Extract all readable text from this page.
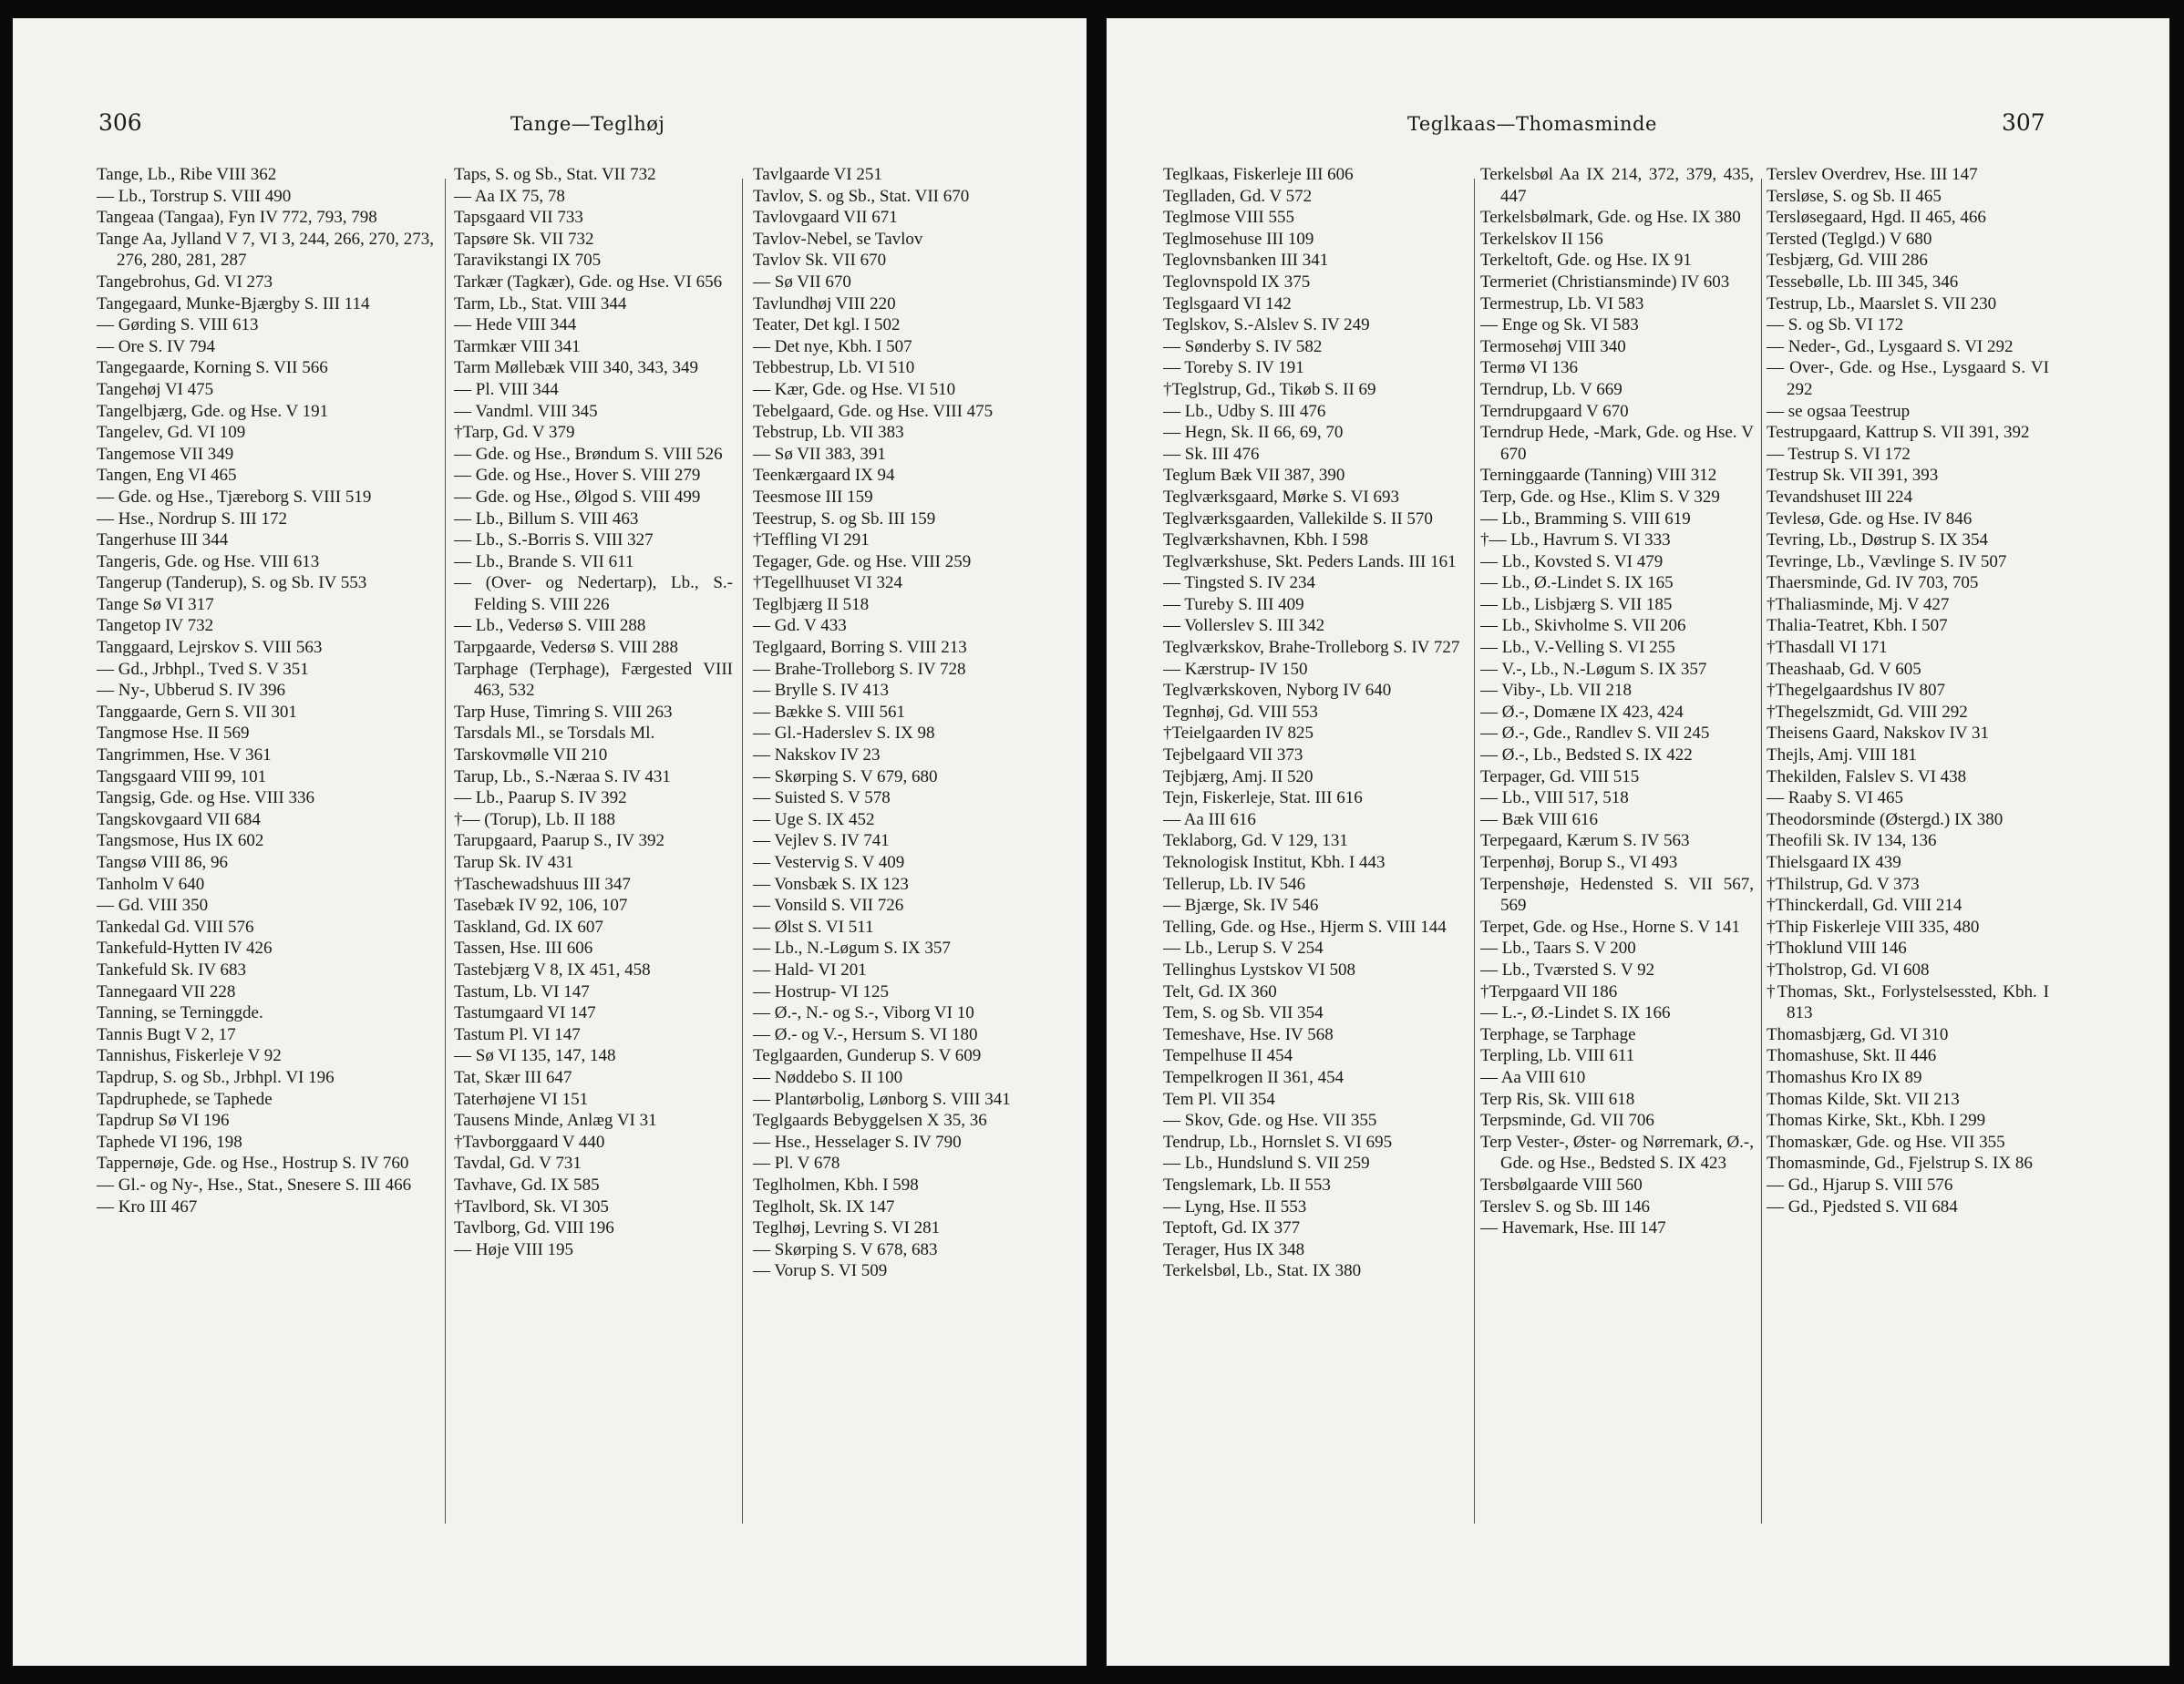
306	Tange—Teglhøj
Tange, Lb., Ribe VIII 362
— Lb., Torstrup S. VIII 490
Tangeaa (Tangaa), Fyn IV 772, 793, 798
Tange Aa, Jylland V 7, VI 3, 244, 266, 270, 273, 276, 280, 281, 287
Tangebrohus, Gd. VI 273
Tangegaard, Munke-Bjærgby S. III 114
— Gørding S. VIII 613
— Ore S. IV 794
Tangegaarde, Korning S. VII 566
Tangehøj VI 475
Tangelbjærg, Gde. og Hse. V 191
Tangelev, Gd. VI 109
Tangemose VII 349
Tangen, Eng VI 465
— Gde. og Hse., Tjæreborg S. VIII 519
— Hse., Nordrup S. III 172
Tangerhuse III 344
Tangeris, Gde. og Hse. VIII 613
Tangerup (Tanderup), S. og Sb. IV 553
Tange Sø VI 317
Tangetop IV 732
Tanggaard, Lejrskov S. VIII 563
— Gd., Jrbhpl., Tved S. V 351
— Ny-, Ubberud S. IV 396
Tanggaarde, Gern S. VII 301
Tangmose Hse. II 569
Tangrimmen, Hse. V 361
Tangsgaard VIII 99, 101
Tangsig, Gde. og Hse. VIII 336
Tangskovgaard VII 684
Tangsmose, Hus IX 602
Tangsø VIII 86, 96
Tanholm V 640
— Gd. VIII 350
Tankedal Gd. VIII 576
Tankefuld-Hytten IV 426
Tankefuld Sk. IV 683
Tannegaard VII 228
Tanning, se Terninggde.
Tannis Bugt V 2, 17
Tannishus, Fiskerleje V 92
Tapdrup, S. og Sb., Jrbhpl. VI 196
Tapdruphede, se Taphede
Tapdrup Sø VI 196
Taphede VI 196, 198
Tappernøje, Gde. og Hse., Hostrup S. IV 760
— Gl.- og Ny-, Hse., Stat., Snesere S. III 466
— Kro III 467
Taps, S. og Sb., Stat. VII 732
— Aa IX 75, 78
Tapsgaard VII 733
Tapsøre Sk. VII 732
Taravikstangi IX 705
Tarkær (Tagkær), Gde. og Hse. VI 656
Tarm, Lb., Stat. VIII 344
— Hede VIII 344
Tarmkær VIII 341
Tarm Møllebæk VIII 340, 343, 349
— Pl. VIII 344
— Vandml. VIII 345
†Tarp, Gd. V 379
— Gde. og Hse., Brøndum S. VIII 526
— Gde. og Hse., Hover S. VIII 279
— Gde. og Hse., Ølgod S. VIII 499
— Lb., Billum S. VIII 463
— Lb., S.-Borris S. VIII 327
— Lb., Brande S. VII 611
— (Over- og Nedertarp), Lb., S.-Felding S. VIII 226
— Lb., Vedersø S. VIII 288
Tarpgaarde, Vedersø S. VIII 288
Tarphage (Terphage), Færgested VIII 463, 532
Tarp Huse, Timring S. VIII 263
Tarsdals Ml., se Torsdals Ml.
Tarskovmølle VII 210
Tarup, Lb., S.-Næraa S. IV 431
— Lb., Paarup S. IV 392
†— (Torup), Lb. II 188
Tarupgaard, Paarup S., IV 392
Tarup Sk. IV 431
†Taschewadshuus III 347
Tasebæk IV 92, 106, 107
Taskland, Gd. IX 607
Tassen, Hse. III 606
Tastebjærg V 8, IX 451, 458
Tastum, Lb. VI 147
Tastumgaard VI 147
Tastum Pl. VI 147
— Sø VI 135, 147, 148
Tat, Skær III 647
Taterhøjene VI 151
Tausens Minde, Anlæg VI 31
†Tavborggaard V 440
Tavdal, Gd. V 731
Tavhave, Gd. IX 585
†Tavlbord, Sk. VI 305
Tavlborg, Gd. VIII 196
— Høje VIII 195
Tavlgaarde VI 251
Tavlov, S. og Sb., Stat. VII 670
Tavlovgaard VII 671
Tavlov-Nebel, se Tavlov
Tavlov Sk. VII 670
— Sø VII 670
Tavlundhøj VIII 220
Teater, Det kgl. I 502
— Det nye, Kbh. I 507
Tebbestrup, Lb. VI 510
— Kær, Gde. og Hse. VI 510
Tebelgaard, Gde. og Hse. VIII 475
Tebstrup, Lb. VII 383
— Sø VII 383, 391
Teenkærgaard IX 94
Teesmose III 159
Teestrup, S. og Sb. III 159
†Teffling VI 291
Tegager, Gde. og Hse. VIII 259
†Tegellhuuset VI 324
Teglbjærg II 518
— Gd. V 433
Teglgaard, Borring S. VIII 213
— Brahe-Trolleborg S. IV 728
— Brylle S. IV 413
— Bække S. VIII 561
— Gl.-Haderslev S. IX 98
— Nakskov IV 23
— Skørping S. V 679, 680
— Suisted S. V 578
— Uge S. IX 452
— Vejlev S. IV 741
— Vestervig S. V 409
— Vonsbæk S. IX 123
— Vonsild S. VII 726
— Ølst S. VI 511
— Lb., N.-Løgum S. IX 357
— Hald- VI 201
— Hostrup- VI 125
— Ø.-, N.- og S.-, Viborg VI 10
— Ø.- og V.-, Hersum S. VI 180
Teglgaarden, Gunderup S. V 609
— Nøddebo S. II 100
— Plantørbolig, Lønborg S. VIII 341
Teglgaards Bebyggelsen X 35, 36
— Hse., Hesselager S. IV 790
— Pl. V 678
Teglholmen, Kbh. I 598
Teglholt, Sk. IX 147
Teglhøj, Levring S. VI 281
— Skørping S. V 678, 683
— Vorup S. VI 509
Teglkaas—Thomasminde	307
Teglkaas, Fiskerleje III 606
Teglladen, Gd. V 572
Teglmose VIII 555
Teglmosehuse III 109
Teglovnsbanken III 341
Teglovnspold IX 375
Teglsgaard VI 142
Teglskov, S.-Alslev S. IV 249
— Sønderby S. IV 582
— Toreby S. IV 191
†Teglstrup, Gd., Tikøb S. II 69
— Lb., Udby S. III 476
— Hegn, Sk. II 66, 69, 70
— Sk. III 476
Teglum Bæk VII 387, 390
Teglværksgaard, Mørke S. VI 693
Teglværksgaarden, Vallekilde S. II 570
Teglværkshavnen, Kbh. I 598
Teglværkshuse, Skt. Peders Lands. III 161
— Tingsted S. IV 234
— Tureby S. III 409
— Vollerslev S. III 342
Teglværkskov, Brahe-Trolleborg S. IV 727
— Kærstrup- IV 150
Teglværkskoven, Nyborg IV 640
Tegnhøj, Gd. VIII 553
†Teielgaarden IV 825
Tejbelgaard VII 373
Tejbjærg, Amj. II 520
Tejn, Fiskerleje, Stat. III 616
— Aa III 616
Teklaborg, Gd. V 129, 131
Teknologisk Institut, Kbh. I 443
Tellerup, Lb. IV 546
— Bjærge, Sk. IV 546
Telling, Gde. og Hse., Hjerm S. VIII 144
— Lb., Lerup S. V 254
Tellinghus Lystskov VI 508
Telt, Gd. IX 360
Tem, S. og Sb. VII 354
Temeshave, Hse. IV 568
Tempelhuse II 454
Tempelkrogen II 361, 454
Tem Pl. VII 354
— Skov, Gde. og Hse. VII 355
Tendrup, Lb., Hornslet S. VI 695
— Lb., Hundslund S. VII 259
Tengslemark, Lb. II 553
— Lyng, Hse. II 553
Teptoft, Gd. IX 377
Terager, Hus IX 348
Terkelsbøl, Lb., Stat. IX 380
Terkelsbøl Aa IX 214, 372, 379, 435, 447
Terkelsbølmark, Gde. og Hse. IX 380
Terkelskov II 156
Terkeltoft, Gde. og Hse. IX 91
Termeriet (Christiansminde) IV 603
Termestrup, Lb. VI 583
— Enge og Sk. VI 583
Termosehøj VIII 340
Termø VI 136
Terndrup, Lb. V 669
Terndrupgaard V 670
Terndrup Hede, -Mark, Gde. og Hse. V 670
Terninggaarde (Tanning) VIII 312
Terp, Gde. og Hse., Klim S. V 329
— Lb., Bramming S. VIII 619
†— Lb., Havrum S. VI 333
— Lb., Kovsted S. VI 479
— Lb., Ø.-Lindet S. IX 165
— Lb., Lisbjærg S. VII 185
— Lb., Skivholme S. VII 206
— Lb., V.-Velling S. VI 255
— V.-, Lb., N.-Løgum S. IX 357
— Viby-, Lb. VII 218
— Ø.-, Domæne IX 423, 424
— Ø.-, Gde., Randlev S. VII 245
— Ø.-, Lb., Bedsted S. IX 422
Terpager, Gd. VIII 515
— Lb., VIII 517, 518
— Bæk VIII 616
Terpegaard, Kærum S. IV 563
Terpenhøj, Borup S., VI 493
Terpenshøje, Hedensted S. VII 567, 569
Terpet, Gde. og Hse., Horne S. V 141
— Lb., Taars S. V 200
— Lb., Tværsted S. V 92
†Terpgaard VII 186
— L.-, Ø.-Lindet S. IX 166
Terphage, se Tarphage
Terpling, Lb. VIII 611
— Aa VIII 610
Terp Ris, Sk. VIII 618
Terpsminde, Gd. VII 706
Terp Vester-, Øster- og Nørremark, Ø.-, Gde. og Hse., Bedsted S. IX 423
Tersbølgaarde VIII 560
Terslev S. og Sb. III 146
— Havemark, Hse. III 147
Terslev Overdrev, Hse. III 147
Tersløse, S. og Sb. II 465
Tersløsegaard, Hgd. II 465, 466
Tersted (Teglgd.) V 680
Tesbjærg, Gd. VIII 286
Tessebølle, Lb. III 345, 346
Testrup, Lb., Maarslet S. VII 230
— S. og Sb. VI 172
— Neder-, Gd., Lysgaard S. VI 292
— Over-, Gde. og Hse., Lysgaard S. VI 292
— se ogsaa Teestrup
Testrupgaard, Kattrup S. VII 391, 392
— Testrup S. VI 172
Testrup Sk. VII 391, 393
Tevandshuset III 224
Tevlesø, Gde. og Hse. IV 846
Tevring, Lb., Døstrup S. IX 354
Tevringe, Lb., Vævlinge S. IV 507
Thaersminde, Gd. IV 703, 705
†Thaliasminde, Mj. V 427
Thalia-Teatret, Kbh. I 507
†Thasdall VI 171
Theashaab, Gd. V 605
†Thegelgaardshus IV 807
†Thegelszmidt, Gd. VIII 292
Theisens Gaard, Nakskov IV 31
Thejls, Amj. VIII 181
Thekilden, Falslev S. VI 438
— Raaby S. VI 465
Theodorsminde (Østergd.) IX 380
Theofili Sk. IV 134, 136
Thielsgaard IX 439
†Thilstrup, Gd. V 373
†Thinckerdall, Gd. VIII 214
†Thip Fiskerleje VIII 335, 480
†Thoklund VIII 146
†Tholstrop, Gd. VI 608
†Thomas, Skt., Forlystelsessted, Kbh. I 813
Thomasbjærg, Gd. VI 310
Thomashuse, Skt. II 446
Thomashus Kro IX 89
Thomas Kilde, Skt. VII 213
Thomas Kirke, Skt., Kbh. I 299
Thomaskær, Gde. og Hse. VII 355
Thomasminde, Gd., Fjelstrup S. IX 86
— Gd., Hjarup S. VIII 576
— Gd., Pjedsted S. VII 684
